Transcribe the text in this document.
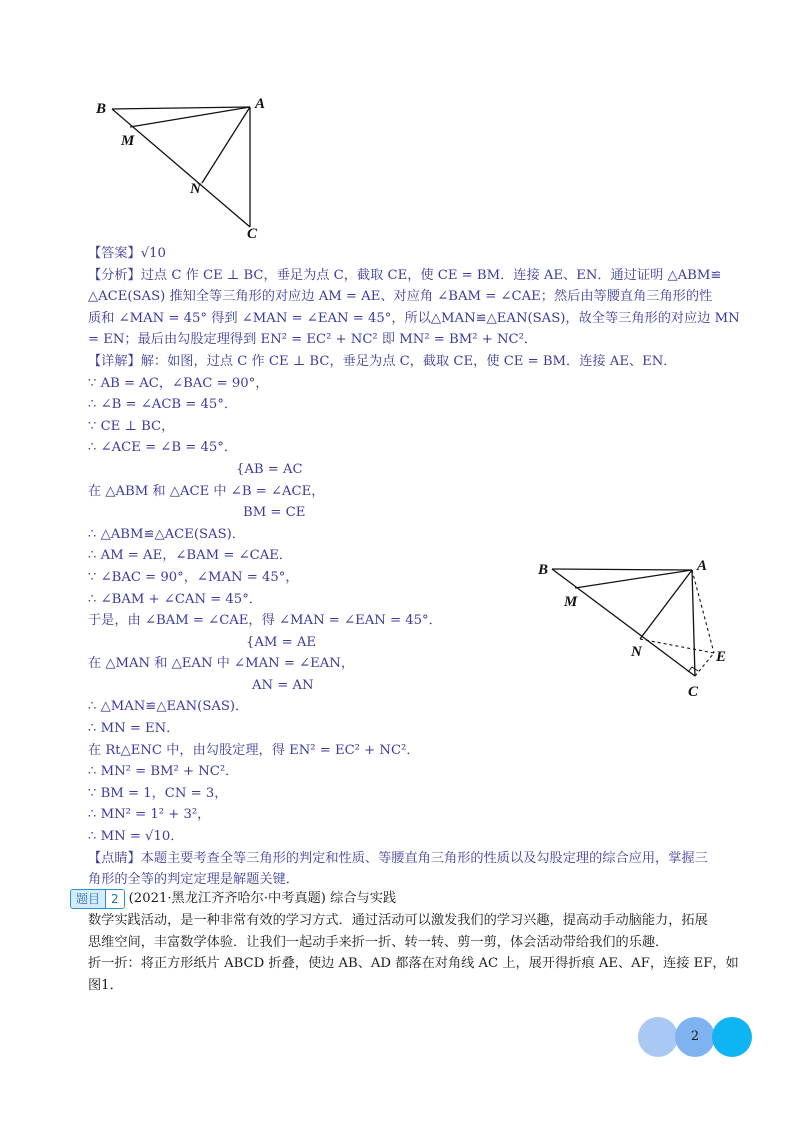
B	A
M
N
C
B	A
M
N	E
C
【答案】√10
【分析】过点 C 作 CE ⊥ BC，垂足为点 C，截取 CE，使 CE = BM．连接 AE、EN．通过证明 △ABM≌
△ACE(SAS) 推知全等三角形的对应边 AM = AE、对应角 ∠BAM = ∠CAE；然后由等腰直角三角形的性
质和 ∠MAN = 45° 得到 ∠MAN = ∠EAN = 45°，所以△MAN≌△EAN(SAS)，故全等三角形的对应边 MN
= EN；最后由勾股定理得到 EN² = EC² + NC² 即 MN² = BM² + NC²．
【详解】解：如图，过点 C 作 CE ⊥ BC，垂足为点 C，截取 CE，使 CE = BM．连接 AE、EN．
∵ AB = AC，∠BAC = 90°，
∴ ∠B = ∠ACB = 45°．
∵ CE ⊥ BC，
∴ ∠ACE = ∠B = 45°．
{AB = AC
在 △ABM 和 △ACE 中 ∠B = ∠ACE，
BM = CE
∴ △ABM≌△ACE(SAS)．
∴ AM = AE，∠BAM = ∠CAE．
∵ ∠BAC = 90°，∠MAN = 45°，
∴ ∠BAM + ∠CAN = 45°．
于是，由 ∠BAM = ∠CAE，得 ∠MAN = ∠EAN = 45°．
{AM = AE
在 △MAN 和 △EAN 中 ∠MAN = ∠EAN，
AN = AN
∴ △MAN≌△EAN(SAS)．
∴ MN = EN．
在 Rt△ENC 中，由勾股定理，得 EN² = EC² + NC²．
∴ MN² = BM² + NC²．
∵ BM = 1，CN = 3，
∴ MN² = 1² + 3²，
∴ MN = √10．
【点睛】本题主要考查全等三角形的判定和性质、等腰直角三角形的性质以及勾股定理的综合应用，掌握三
角形的全等的判定定理是解题关键．
题目 2 (2021·黑龙江齐齐哈尔·中考真题) 综合与实践
数学实践活动，是一种非常有效的学习方式．通过活动可以激发我们的学习兴趣，提高动手动脑能力，拓展
思维空间，丰富数学体验．让我们一起动手来折一折、转一转、剪一剪，体会活动带给我们的乐趣．
折一折：将正方形纸片 ABCD 折叠，使边 AB、AD 都落在对角线 AC 上，展开得折痕 AE、AF，连接 EF，如
图1．
2
